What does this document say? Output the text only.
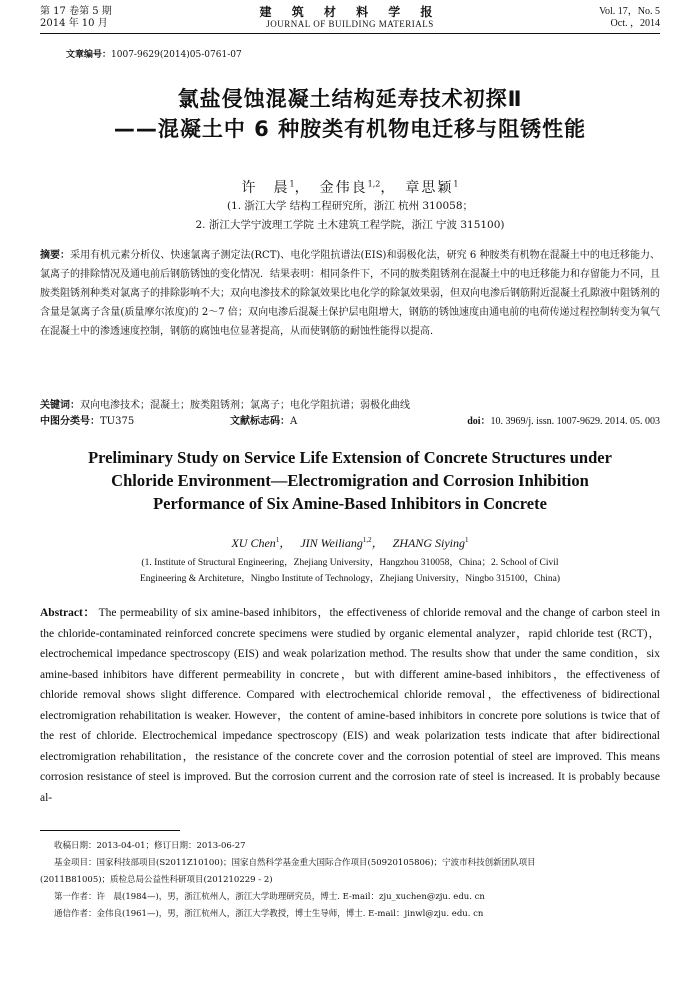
第 17 卷第 5 期
2014 年 10 月
建 筑 材 料 学 报
JOURNAL OF BUILDING MATERIALS
Vol. 17，No. 5
Oct. ，2014
文章编号：1007-9629(2014)05-0761-07
氯盐侵蚀混凝土结构延寿技术初探Ⅱ
——混凝土中 6 种胺类有机物电迁移与阻锈性能
许　晨$^1$，　 金伟良$^{1,2}$，　 章思颖$^1$
(1. 浙江大学 结构工程研究所，浙江 杭州 310058；
2. 浙江大学宁波理工学院 土木建筑工程学院，浙江 宁波 315100)
摘要：采用有机元素分析仪、快速氯离子测定法(RCT)、电化学阻抗谱法(EIS)和弱极化法，研究 6 种胺类有机物在混凝土中的电迁移能力、氯离子的排除情况及通电前后钢筋锈蚀的变化情况．结果表明：相同条件下，不同的胺类阻锈剂在混凝土中的电迁移能力和存留能力不同，且胺类阻锈剂种类对氯离子的排除影响不大；双向电渗技术的除氯效果比电化学的除氯效果弱，但双向电渗后钢筋附近混凝土孔隙液中阻锈剂的含量是氯离子含量(质量摩尔浓度)的 2～7 倍；双向电渗后混凝土保护层电阻增大，钢筋的锈蚀速度由通电前的电荷传递过程控制转变为氧气在混凝土中的渗透速度控制，钢筋的腐蚀电位显著提高，从而使钢筋的耐蚀性能得以提高．
关键词：双向电渗技术；混凝土；胺类阻锈剂；氯离子；电化学阻抗谱；弱极化曲线
中图分类号：TU375	文献标志码：A	doi：10. 3969/j. issn. 1007-9629. 2014. 05. 003
Preliminary Study on Service Life Extension of Concrete Structures under
Chloride Environment—Electromigration and Corrosion Inhibition
Performance of Six Amine-Based Inhibitors in Concrete
XU Chen$^1$，　 JIN Weiliang$^{1,2}$，　 ZHANG Siying$^1$
(1. Institute of Structural Engineering，Zhejiang University，Hangzhou 310058，China；2. School of Civil
Engineering & Architeture，Ningbo Institute of Technology，Zhejiang University，Ningbo 315100，China)
Abstract： The permeability of six amine-based inhibitors，the effectiveness of chloride removal and the change of carbon steel in the chloride-contaminated reinforced concrete specimens were studied by organic elemental analyzer，rapid chloride test (RCT)，electrochemical impedance spectroscopy (EIS) and weak polarization method. The results show that under the same condition，six amine-based inhibitors have different permeability in concrete，but with different amine-based inhibitors，the effectiveness of chloride removal shows slight difference. Compared with electrochemical chloride removal，the effectiveness of bidirectional electromigration rehabilitation is weaker. However，the content of amine-based inhibitors in concrete pore solutions is twice that of the rest of chloride. Electrochemical impedance spectroscopy (EIS) and weak polarization tests indicate that after bidirectional electromigration rehabilitation，the resistance of the concrete cover and the corrosion potential of steel are improved. This means corrosion resistance of steel is improved. But the corrosion current and the corrosion rate of steel is increased. It is probably because al-

收稿日期：2013-04-01；修订日期：2013-06-27

基金项目：国家科技部项目(S2011Z10100)；国家自然科学基金重大国际合作项目(50920105806)；宁波市科技创新团队项目

(2011B81005)；质检总局公益性科研项目(201210229 - 2)

第一作者：许　晨(1984—)，男，浙江杭州人，浙江大学助理研究员，博士. E-mail：zju_xuchen@zju. edu. cn

通信作者：金伟良(1961—)，男，浙江杭州人，浙江大学教授，博士生导师，博士. E-mail：jinwl@zju. edu. cn
